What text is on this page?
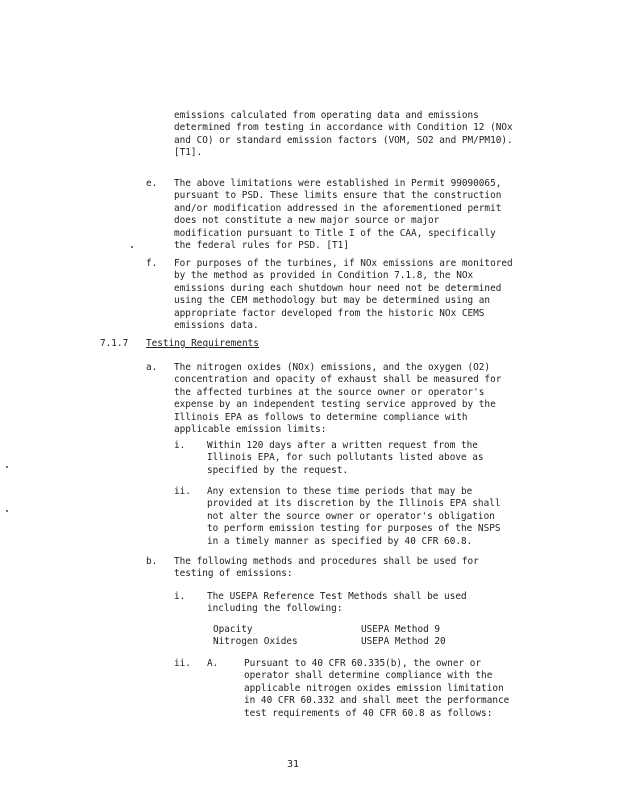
emissions calculated from operating data and emissions
determined from testing in accordance with Condition 12 (NOx
and CO) or standard emission factors (VOM, SO2 and PM/PM10).
[T1].
e. The above limitations were established in Permit 99090065,
pursuant to PSD. These limits ensure that the construction
and/or modification addressed in the aforementioned permit
does not constitute a new major source or major
modification pursuant to Title I of the CAA, specifically
the federal rules for PSD. [T1]
f. For purposes of the turbines, if NOx emissions are monitored
by the method as provided in Condition 7.1.8, the NOx
emissions during each shutdown hour need not be determined
using the CEM methodology but may be determined using an
appropriate factor developed from the historic NOx CEMS
emissions data.
7.1.7 Testing Requirements
a. The nitrogen oxides (NOx) emissions, and the oxygen (O2)
concentration and opacity of exhaust shall be measured for
the affected turbines at the source owner or operator's
expense by an independent testing service approved by the
Illinois EPA as follows to determine compliance with
applicable emission limits:
i. Within 120 days after a written request from the
Illinois EPA, for such pollutants listed above as
specified by the request.
ii. Any extension to these time periods that may be
provided at its discretion by the Illinois EPA shall
not alter the source owner or operator's obligation
to perform emission testing for purposes of the NSPS
in a timely manner as specified by 40 CFR 60.8.
b. The following methods and procedures shall be used for
testing of emissions:
i. The USEPA Reference Test Methods shall be used
including the following:
Opacity	USEPA Method 9
Nitrogen Oxides	USEPA Method 20
ii. A.	Pursuant to 40 CFR 60.335(b), the owner or
operator shall determine compliance with the
applicable nitrogen oxides emission limitation
in 40 CFR 60.332 and shall meet the performance
test requirements of 40 CFR 60.8 as follows:
31
